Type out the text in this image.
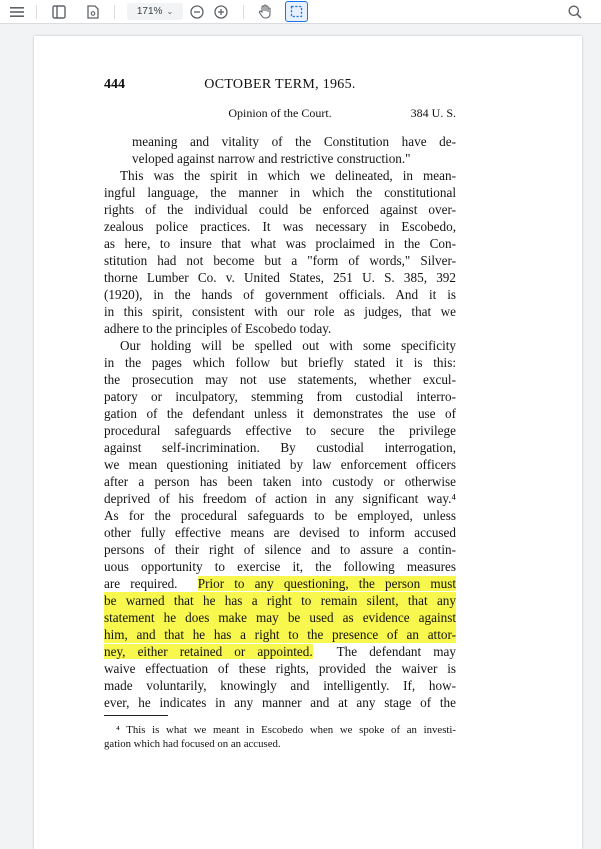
171% ⌄
444	OCTOBER TERM, 1965.
Opinion of the Court.	384 U. S.
meaning and vitality of the Constitution have de-
veloped against narrow and restrictive construction."
This was the spirit in which we delineated, in mean-
ingful language, the manner in which the constitutional
rights of the individual could be enforced against over-
zealous police practices. It was necessary in Escobedo,
as here, to insure that what was proclaimed in the Con-
stitution had not become but a "form of words," Silver-
thorne Lumber Co. v. United States, 251 U. S. 385, 392
(1920), in the hands of government officials. And it is
in this spirit, consistent with our role as judges, that we
adhere to the principles of Escobedo today.
Our holding will be spelled out with some specificity
in the pages which follow but briefly stated it is this:
the prosecution may not use statements, whether excul-
patory or inculpatory, stemming from custodial interro-
gation of the defendant unless it demonstrates the use of
procedural safeguards effective to secure the privilege
against self-incrimination. By custodial interrogation,
we mean questioning initiated by law enforcement officers
after a person has been taken into custody or otherwise
deprived of his freedom of action in any significant way.⁴
As for the procedural safeguards to be employed, unless
other fully effective means are devised to inform accused
persons of their right of silence and to assure a contin-
uous opportunity to exercise it, the following measures
are required.  Prior to any questioning, the person must
be warned that he has a right to remain silent, that any
statement he does make may be used as evidence against
him, and that he has a right to the presence of an attor-
ney, either retained or appointed.  The defendant may
waive effectuation of these rights, provided the waiver is
made voluntarily, knowingly and intelligently. If, how-
ever, he indicates in any manner and at any stage of the
⁴ This is what we meant in Escobedo when we spoke of an investi-
gation which had focused on an accused.
